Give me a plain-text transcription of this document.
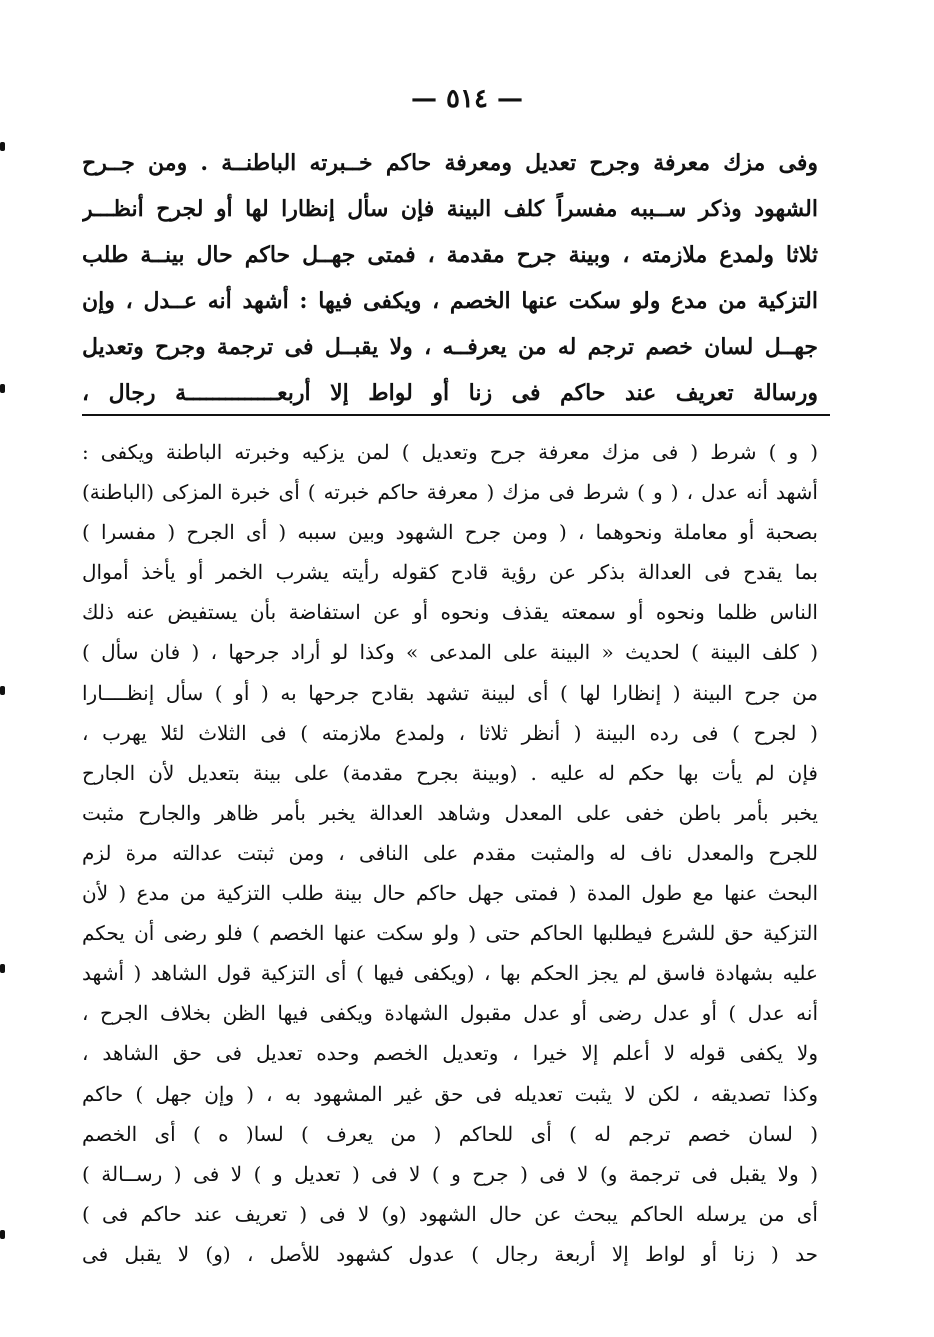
— ٥١٤ —
وفى مزك معرفة وجرح تعديل ومعرفة حاكم خــبرته الباطنــة . ومن جــرح
الشهود وذكر ســببه مفسراً كلف البينة فإن سأل إنظارا لها أو لجرح أنظـــر
ثلاثا ولمدع ملازمته ، وبينة جرح مقدمة ، فمتى جهــل حاكم حال بينــة طلب
التزكية من مدع ولو سكت عنها الخصم ، ويكفى فيها : أشهد أنه عــدل ، وإن
جهــل لسان خصم ترجم له من يعرفــه ، ولا يقبــل فى ترجمة وجرح وتعديل
ورسالة تعريف عند حاكم فى زنا أو لواط إلا أربعــــــــــــــة رجال ،
( و ) شرط ( فى مزك معرفة جرح وتعديل ) لمن يزكيه وخبرته الباطنة ويكفى :
أشهد أنه عدل ، ( و ) شرط فى مزك ( معرفة حاكم خبرته ) أى خبرة المزكى (الباطنة)
بصحبة أو معاملة ونحوهما ، ( ومن جرح الشهود وبين سببه ( أى الجرح ( مفسرا )
بما يقدح فى العدالة بذكر عن رؤية قادح كقوله رأيته يشرب الخمر أو يأخذ أموال
الناس ظلما ونحوه أو سمعته يقذف ونحوه أو عن استفاضة بأن يستفيض عنه ذلك
( كلف البينة ) لحديث « البينة على المدعى » وكذا لو أراد جرحها ، ( فان سأل )
من جرح البينة ( إنظارا لها ) أى لبينة تشهد بقادح جرحها به ( أو ) سأل إنظــــارا
( لجرح ) فى رده البينة ( أنظر ثلاثا ، ولمدع ملازمته ) فى الثلاث لئلا يهرب ،
فإن لم يأت بها حكم له عليه . (وبينة بجرح مقدمة) على بينة بتعديل لأن الجارح
يخبر بأمر باطن خفى على المعدل وشاهد العدالة يخبر بأمر ظاهر والجارح مثبت
للجرح والمعدل ناف له والمثبت مقدم على النافى ، ومن ثبتت عدالته مرة لزم
البحث عنها مع طول المدة ( فمتى جهل حاكم حال بينة طلب التزكية من مدع ( لأن
التزكية حق للشرع فيطلبها الحاكم حتى ( ولو سكت عنها الخصم ) فلو رضى أن يحكم
عليه بشهادة فاسق لم يجز الحكم بها ، (ويكفى فيها ) أى التزكية قول الشاهد ( أشهد
أنه عدل ) أو عدل رضى أو عدل مقبول الشهادة ويكفى فيها الظن بخلاف الجرح ،
ولا يكفى قوله لا أعلم إلا خيرا ، وتعديل الخصم وحده تعديل فى حق الشاهد ،
وكذا تصديقه ، لكن لا يثبت تعديله فى حق غير المشهود به ، ( وإن جهل ) حاكم
( لسان خصم ترجم له ) أى للحاكم ( من يعرف ) لسا( ه ) أى الخصم
( ولا يقبل فى ترجمة و) لا فى ( جرح و ) لا فى ( تعديل و ) لا فى ( رســالة )
أى من يرسله الحاكم يبحث عن حال الشهود (و) لا فى ( تعريف عند حاكم فى )
حد ( زنا أو لواط إلا أربعة رجال ) عدول كشهود للأصل ، (و) لا يقبل فى
